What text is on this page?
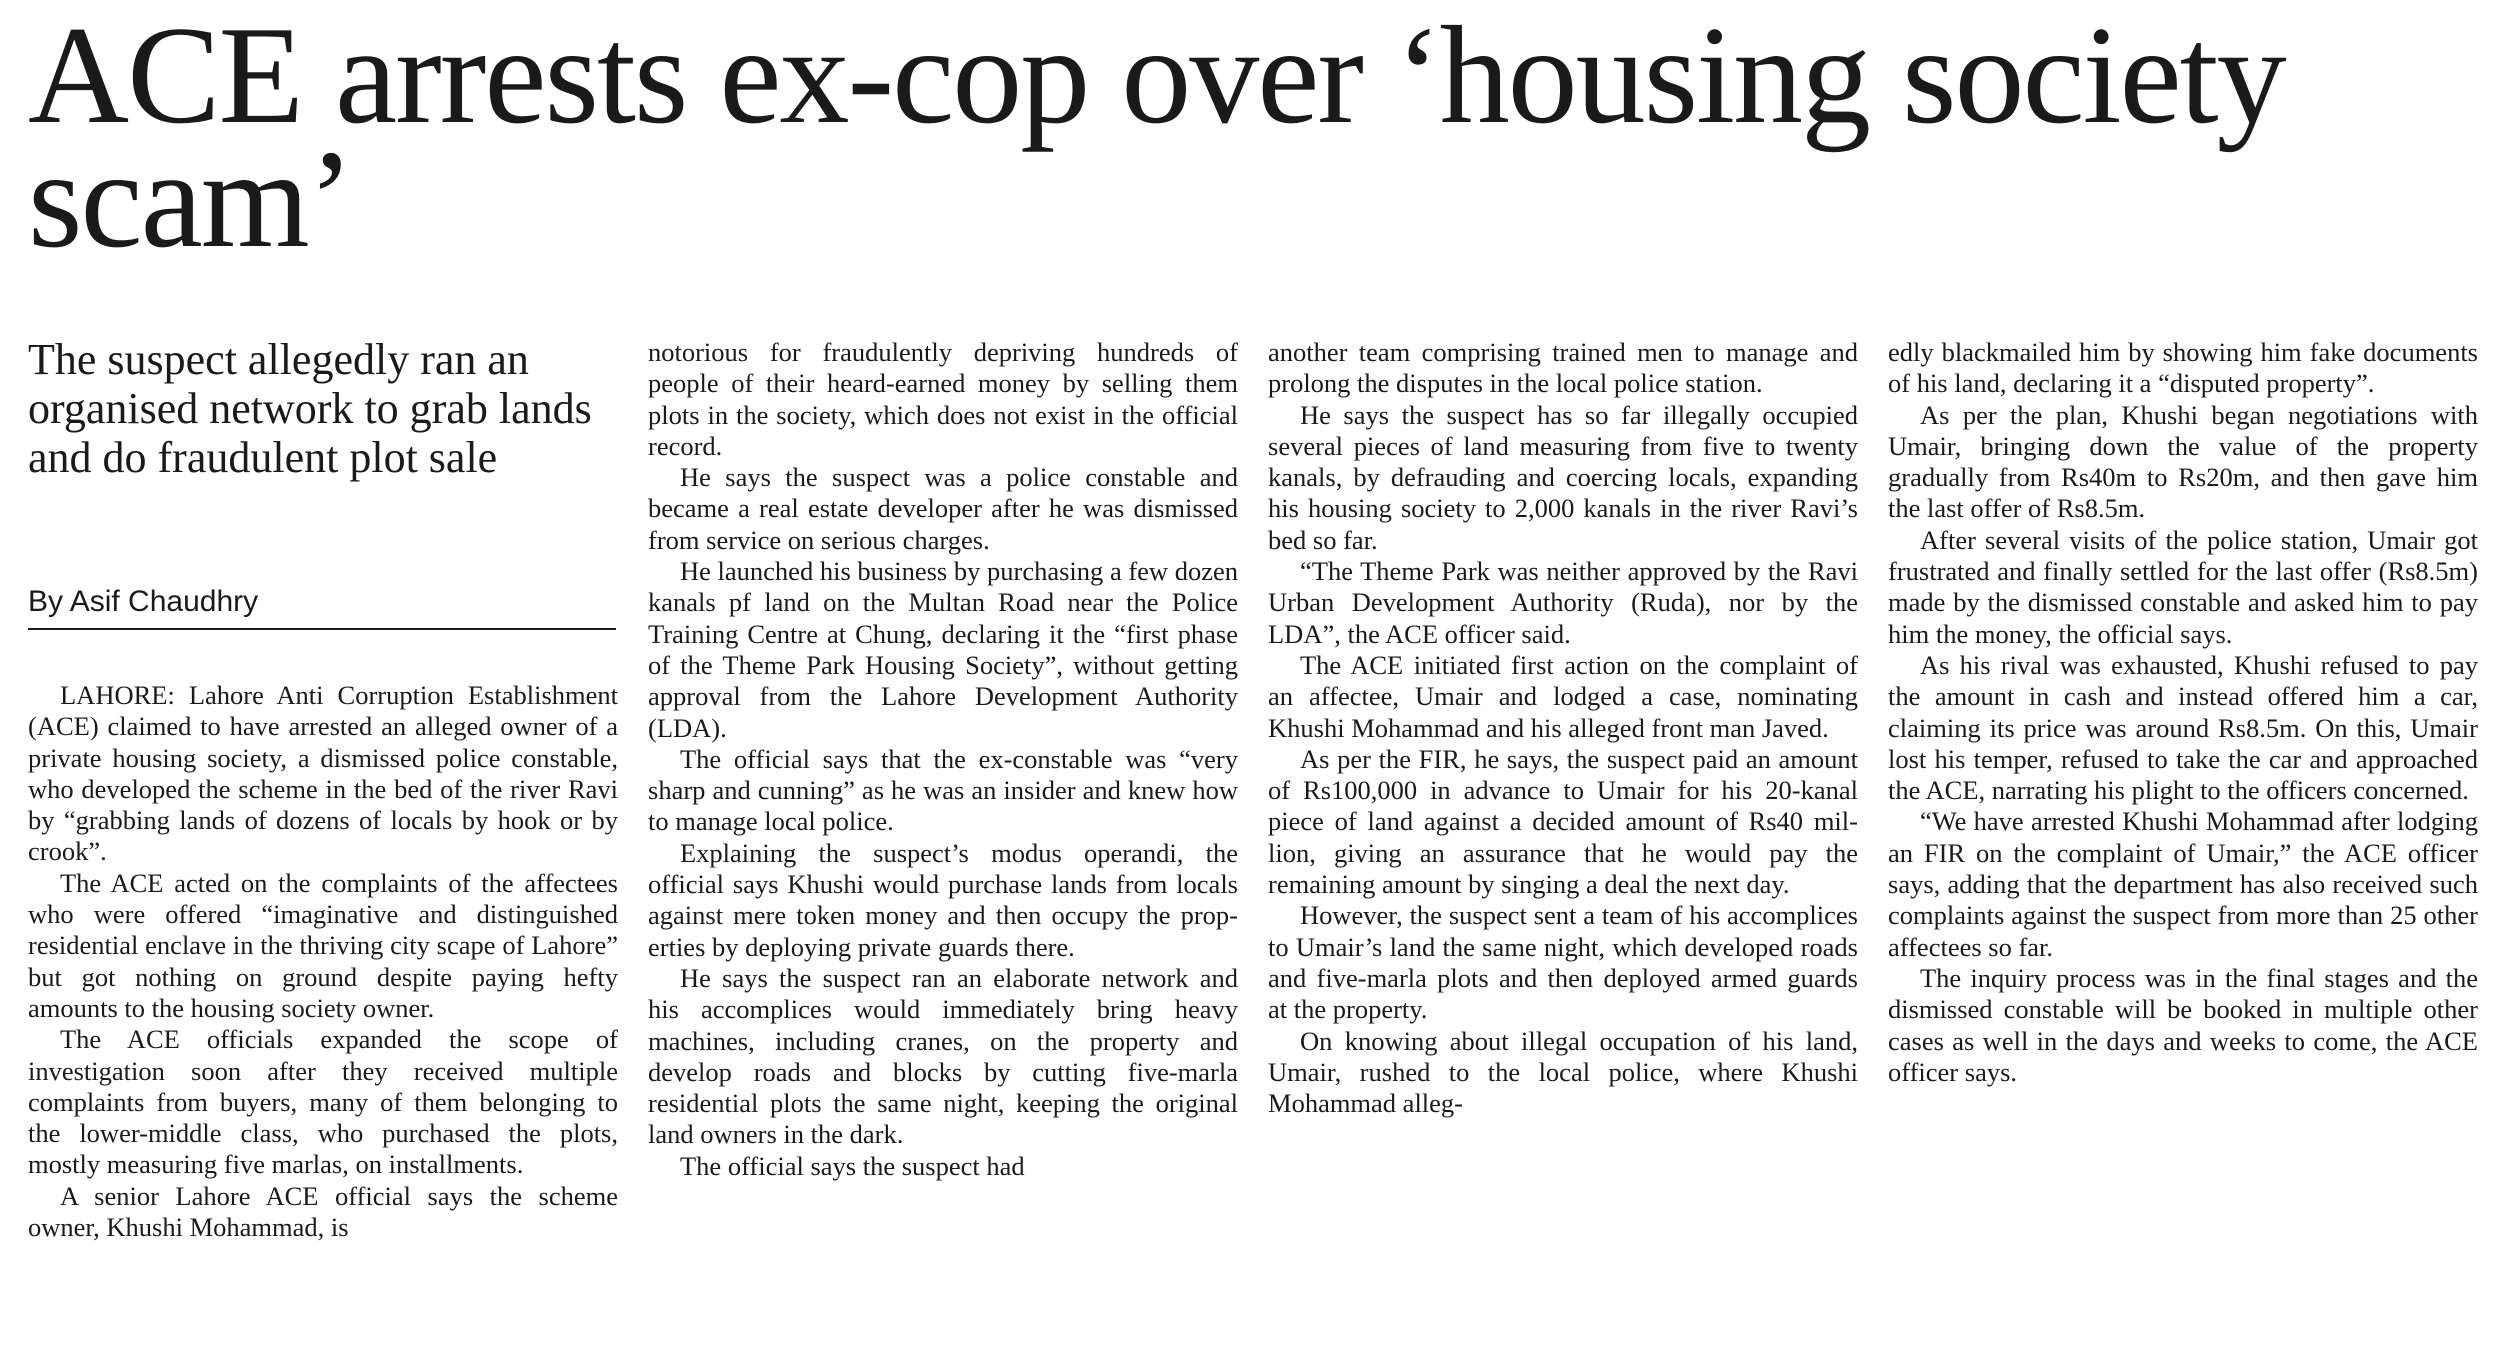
ACE arrests ex-cop over ‘housing society scam’

The suspect allegedly ran an organised network to grab lands and do fraudulent plot sale

By Asif Chaudhry

LAHORE: Lahore Anti Corruption Establishment (ACE) claimed to have arrested an alleged owner of a private housing society, a dismissed police constable, who developed the scheme in the bed of the river Ravi by “grabbing lands of dozens of locals by hook or by crook”.

The ACE acted on the complaints of the affectees who were offered “imaginative and distinguished residential enclave in the thriving city scape of Lahore” but got nothing on ground despite paying hefty amounts to the housing society owner.

The ACE officials expanded the scope of investigation soon after they received multiple complaints from buyers, many of them belonging to the lower-middle class, who purchased the plots, mostly measuring five marlas, on installments.

A senior Lahore ACE official says the scheme owner, Khushi Mohammad, is

notorious for fraudulently depriving hundreds of people of their heard-earned money by selling them plots in the society, which does not exist in the official record.

He says the suspect was a police constable and became a real estate developer after he was dismissed from service on serious charges.

He launched his business by purchasing a few dozen kanals pf land on the Multan Road near the Police Training Centre at Chung, declaring it the “first phase of the Theme Park Housing Society”, without getting approval from the Lahore Development Authority (LDA).

The official says that the ex-constable was “very sharp and cunning” as he was an insider and knew how to manage local police.

Explaining the suspect’s modus operandi, the official says Khushi would purchase lands from locals against mere token money and then occupy the properties by deploying private guards there.

He says the suspect ran an elaborate network and his accomplices would immediately bring heavy machines, including cranes, on the property and develop roads and blocks by cutting five-marla residential plots the same night, keeping the original land owners in the dark.

The official says the suspect had

another team comprising trained men to manage and prolong the disputes in the local police station.

He says the suspect has so far illegally occupied several pieces of land measuring from five to twenty kanals, by defrauding and coercing locals, expanding his housing society to 2,000 kanals in the river Ravi’s bed so far.

“The Theme Park was neither approved by the Ravi Urban Development Authority (Ruda), nor by the LDA”, the ACE officer said.

The ACE initiated first action on the complaint of an affectee, Umair and lodged a case, nominating Khushi Mohammad and his alleged front man Javed.

As per the FIR, he says, the suspect paid an amount of Rs100,000 in advance to Umair for his 20-kanal piece of land against a decided amount of Rs40 million, giving an assurance that he would pay the remaining amount by singing a deal the next day.

However, the suspect sent a team of his accomplices to Umair’s land the same night, which developed roads and five-marla plots and then deployed armed guards at the property.

On knowing about illegal occupation of his land, Umair, rushed to the local police, where Khushi Mohammad alleg-

edly blackmailed him by showing him fake documents of his land, declaring it a “disputed property”.

As per the plan, Khushi began negotiations with Umair, bringing down the value of the property gradually from Rs40m to Rs20m, and then gave him the last offer of Rs8.5m.

After several visits of the police station, Umair got frustrated and finally settled for the last offer (Rs8.5m) made by the dismissed constable and asked him to pay him the money, the official says.

As his rival was exhausted, Khushi refused to pay the amount in cash and instead offered him a car, claiming its price was around Rs8.5m. On this, Umair lost his temper, refused to take the car and approached the ACE, narrating his plight to the officers concerned.

“We have arrested Khushi Mohammad after lodging an FIR on the complaint of Umair,” the ACE officer says, adding that the department has also received such complaints against the suspect from more than 25 other affectees so far.

The inquiry process was in the final stages and the dismissed constable will be booked in multiple other cases as well in the days and weeks to come, the ACE officer says.
